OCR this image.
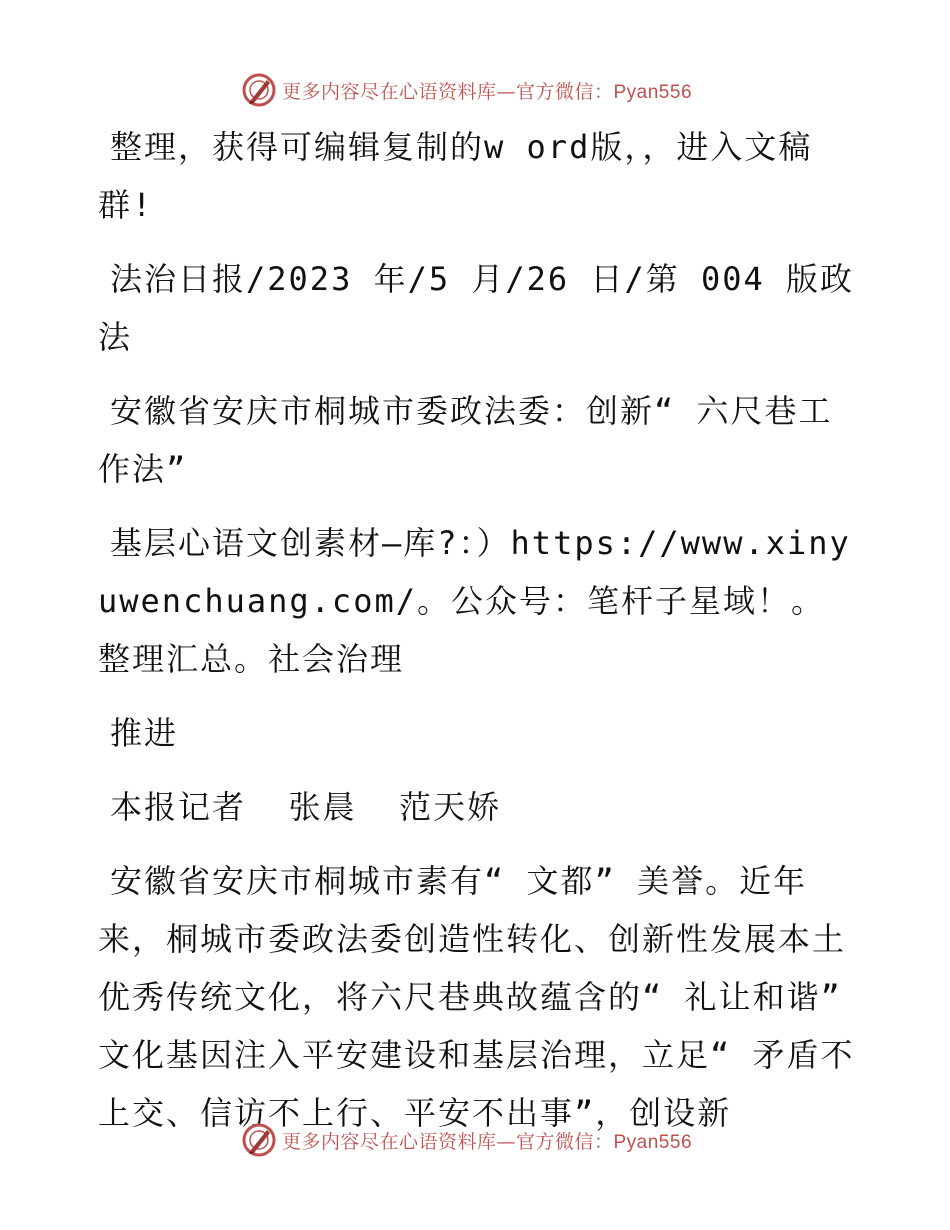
更多内容尽在心语资料库—官方微信：Pyan556

整理，获得可编辑复制的w ord版，，进入文稿群!

法治日报/2023 年/5 月/26 日/第 004 版政法

安徽省安庆市桐城市委政法委：创新“ 六尺巷工作法”

基层心语文创素材—库?：）https://www.xinyuwenchuang.com/。公众号：笔杆子星域！。整理汇总。社会治理

推进

本报记者  张晨  范天娇

安徽省安庆市桐城市素有“ 文都” 美誉。近年来，桐城市委政法委创造性转化、创新性发展本土优秀传统文化，将六尺巷典故蕴含的“ 礼让和谐” 文化基因注入平安建设和基层治理，立足“ 矛盾不上交、信访不上行、平安不出事”，创设新

更多内容尽在心语资料库—官方微信：Pyan556
